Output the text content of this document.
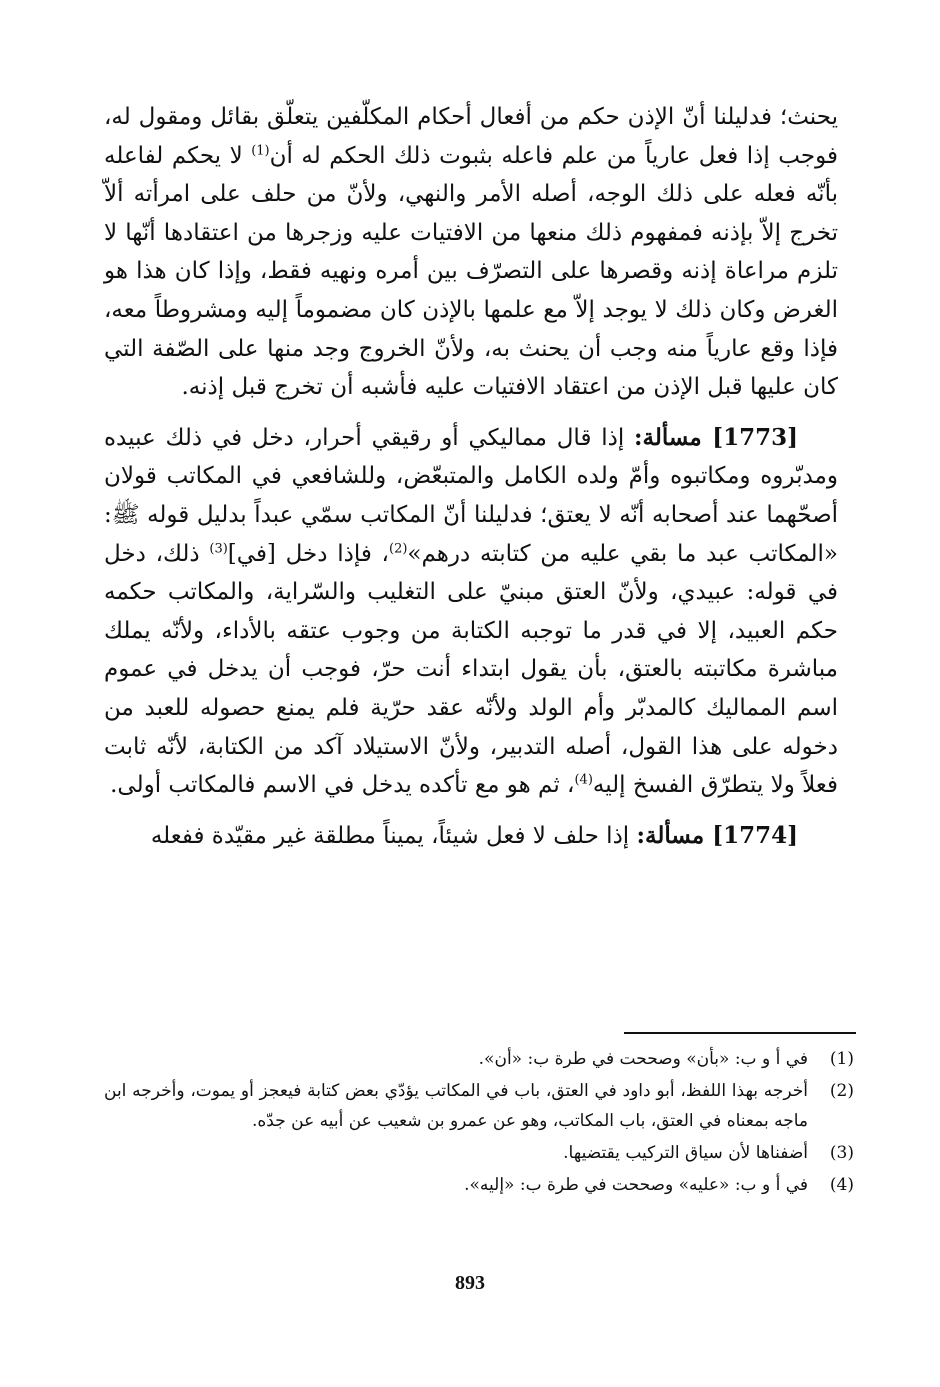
يحنث؛ فدليلنا أنّ الإذن حكم من أفعال أحكام المكلّفين يتعلّق بقائل ومقول له، فوجب إذا فعل عارياً من علم فاعله بثبوت ذلك الحكم له أن$^{(1)}$ لا يحكم لفاعله بأنّه فعله على ذلك الوجه، أصله الأمر والنهي، ولأنّ من حلف على امرأته ألاّ تخرج إلاّ بإذنه فمفهوم ذلك منعها من الافتيات عليه وزجرها من اعتقادها أنّها لا تلزم مراعاة إذنه وقصرها على التصرّف بين أمره ونهيه فقط، وإذا كان هذا هو الغرض وكان ذلك لا يوجد إلاّ مع علمها بالإذن كان مضموماً إليه ومشروطاً معه، فإذا وقع عارياً منه وجب أن يحنث به، ولأنّ الخروج وجد منها على الصّفة التي كان عليها قبل الإذن من اعتقاد الافتيات عليه فأشبه أن تخرج قبل إذنه.

[1773] مسألة: إذا قال مماليكي أو رقيقي أحرار، دخل في ذلك عبيده ومدبّروه ومكاتبوه وأمّ ولده الكامل والمتبعّض، وللشافعي في المكاتب قولان أصحّهما عند أصحابه أنّه لا يعتق؛ فدليلنا أنّ المكاتب سمّي عبداً بدليل قوله ﷺ: «المكاتب عبد ما بقي عليه من كتابته درهم»$^{(2)}$، فإذا دخل [في]$^{(3)}$ ذلك، دخل في قوله: عبيدي، ولأنّ العتق مبنيّ على التغليب والسّراية، والمكاتب حكمه حكم العبيد، إلا في قدر ما توجبه الكتابة من وجوب عتقه بالأداء، ولأنّه يملك مباشرة مكاتبته بالعتق، بأن يقول ابتداء أنت حرّ، فوجب أن يدخل في عموم اسم المماليك كالمدبّر وأم الولد ولأنّه عقد حرّية فلم يمنع حصوله للعبد من دخوله على هذا القول، أصله التدبير، ولأنّ الاستيلاد آكد من الكتابة، لأنّه ثابت فعلاً ولا يتطرّق الفسخ إليه$^{(4)}$، ثم هو مع تأكده يدخل في الاسم فالمكاتب أولى.

[1774] مسألة: إذا حلف لا فعل شيئاً، يميناً مطلقة غير مقيّدة ففعله

(1)
في أ و ب: «بأن» وصححت في طرة ب: «أن».
(2)
أخرجه بهذا اللفظ، أبو داود في العتق، باب في المكاتب يؤدّي بعض كتابة فيعجز أو يموت، وأخرجه ابن ماجه بمعناه في العتق، باب المكاتب، وهو عن عمرو بن شعيب عن أبيه عن جدّه.
(3)
أضفناها لأن سياق التركيب يقتضيها.
(4)
في أ و ب: «عليه» وصححت في طرة ب: «إليه».
893
